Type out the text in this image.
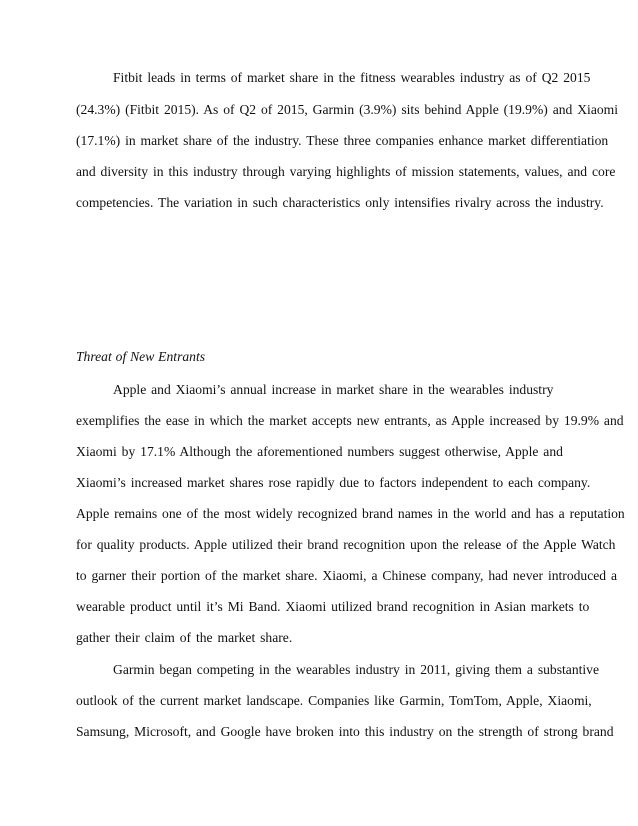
Fitbit leads in terms of market share in the fitness wearables industry as of Q2 2015
(24.3%) (Fitbit 2015). As of Q2 of 2015, Garmin (3.9%) sits behind Apple (19.9%) and Xiaomi
(17.1%) in market share of the industry. These three companies enhance market differentiation
and diversity in this industry through varying highlights of mission statements, values, and core
competencies. The variation in such characteristics only intensifies rivalry across the industry.
Threat of New Entrants
Apple and Xiaomi’s annual increase in market share in the wearables industry
exemplifies the ease in which the market accepts new entrants, as Apple increased by 19.9% and
Xiaomi by 17.1% Although the aforementioned numbers suggest otherwise, Apple and
Xiaomi’s increased market shares rose rapidly due to factors independent to each company.
Apple remains one of the most widely recognized brand names in the world and has a reputation
for quality products. Apple utilized their brand recognition upon the release of the Apple Watch
to garner their portion of the market share. Xiaomi, a Chinese company, had never introduced a
wearable product until it’s Mi Band. Xiaomi utilized brand recognition in Asian markets to
gather their claim of the market share.
Garmin began competing in the wearables industry in 2011, giving them a substantive
outlook of the current market landscape. Companies like Garmin, TomTom, Apple, Xiaomi,
Samsung, Microsoft, and Google have broken into this industry on the strength of strong brand
